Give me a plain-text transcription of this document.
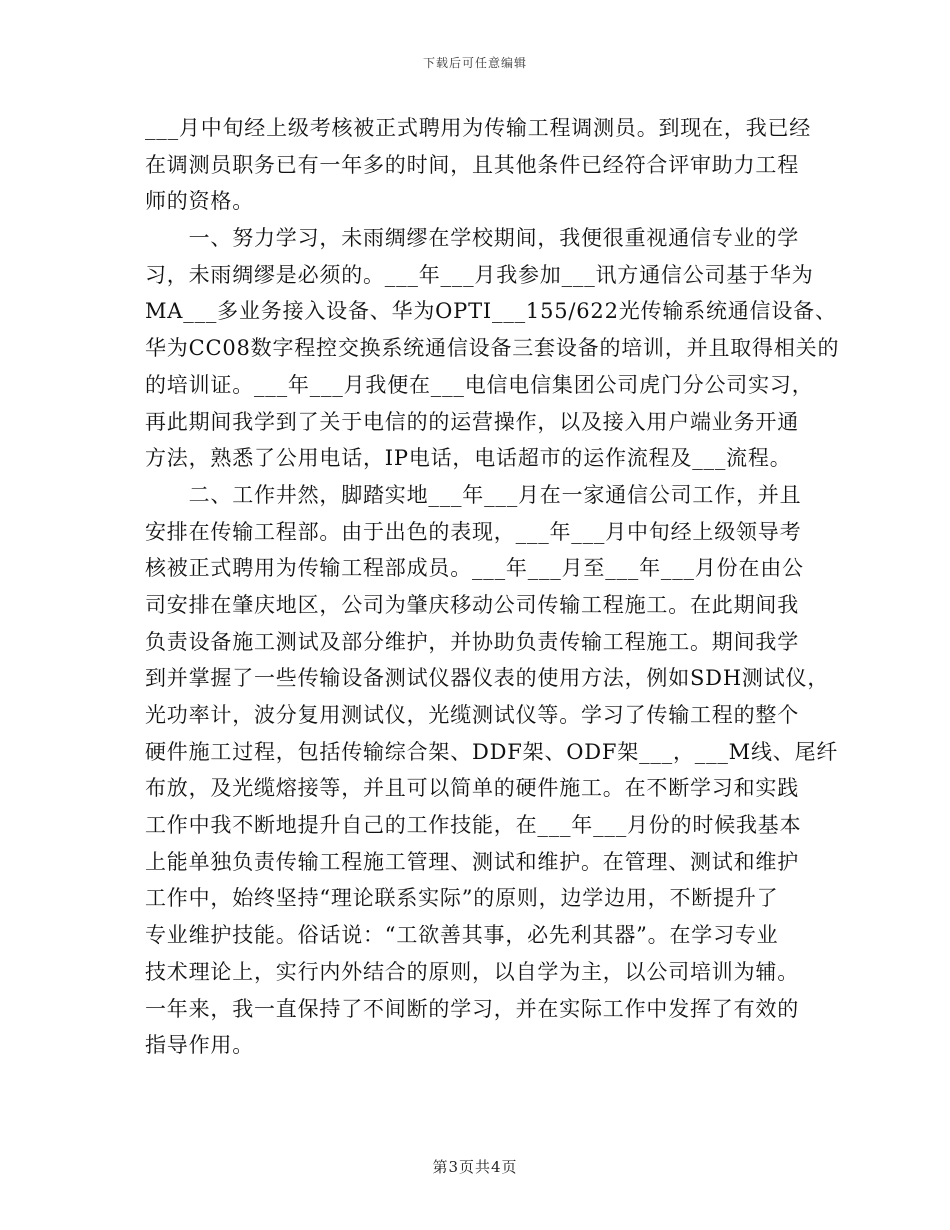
下载后可任意编辑
___月中旬经上级考核被正式聘用为传输工程调测员。到现在，我已经
在调测员职务已有一年多的时间，且其他条件已经符合评审助力工程
师的资格。
　　一、努力学习，未雨绸缪在学校期间，我便很重视通信专业的学
习，未雨绸缪是必须的。___年___月我参加___讯方通信公司基于华为
MA___多业务接入设备、华为OPTI___155/622光传输系统通信设备、
华为CC08数字程控交换系统通信设备三套设备的培训，并且取得相关的
的培训证。___年___月我便在___电信电信集团公司虎门分公司实习，
再此期间我学到了关于电信的的运营操作，以及接入用户端业务开通
方法，熟悉了公用电话，IP电话，电话超市的运作流程及___流程。
　　二、工作井然，脚踏实地___年___月在一家通信公司工作，并且
安排在传输工程部。由于出色的表现，___年___月中旬经上级领导考
核被正式聘用为传输工程部成员。___年___月至___年___月份在由公
司安排在肇庆地区，公司为肇庆移动公司传输工程施工。在此期间我
负责设备施工测试及部分维护，并协助负责传输工程施工。期间我学
到并掌握了一些传输设备测试仪器仪表的使用方法，例如SDH测试仪，
光功率计，波分复用测试仪，光缆测试仪等。学习了传输工程的整个
硬件施工过程，包括传输综合架、DDF架、ODF架___，___M线、尾纤
布放，及光缆熔接等，并且可以简单的硬件施工。在不断学习和实践
工作中我不断地提升自己的工作技能，在___年___月份的时候我基本
上能单独负责传输工程施工管理、测试和维护。在管理、测试和维护
工作中，始终坚持“理论联系实际”的原则，边学边用，不断提升了
专业维护技能。俗话说：“工欲善其事，必先利其器”。在学习专业
技术理论上，实行内外结合的原则，以自学为主，以公司培训为辅。
一年来，我一直保持了不间断的学习，并在实际工作中发挥了有效的
指导作用。
第3页共4页
